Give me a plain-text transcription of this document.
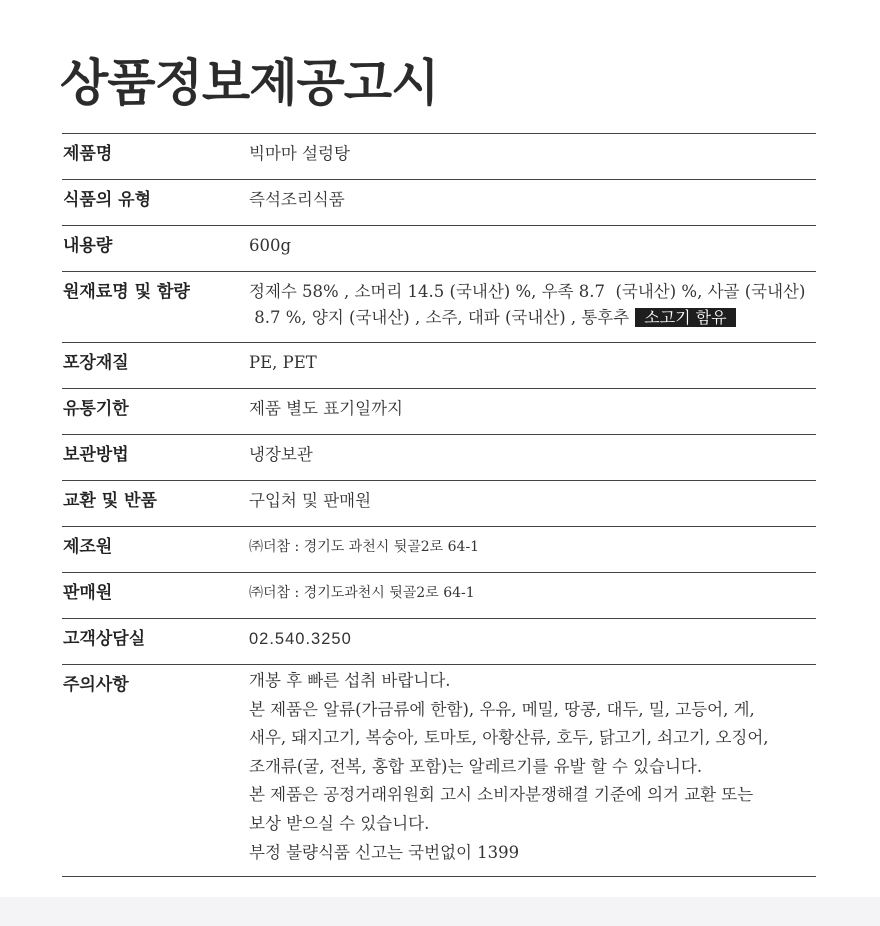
상품정보제공고시
제품명	빅마마 설렁탕
식품의 유형	즉석조리식품
내용량	600g
원재료명 및 함량	정제수 58% , 소머리 14.5 (국내산) %, 우족 8.7  (국내산) %, 사골 (국내산)
8.7 %, 양지 (국내산) , 소주, 대파 (국내산) , 통후추 소고기 함유
포장재질	PE, PET
유통기한	제품 별도 표기일까지
보관방법	냉장보관
교환 및 반품	구입처 및 판매원
제조원	㈜더참 : 경기도 과천시 뒷골2로 64-1
판매원	㈜더참 : 경기도과천시 뒷골2로 64-1
고객상담실	02.540.3250
주의사항	개봉 후 빠른 섭취 바랍니다.
본 제품은 알류(가금류에 한함), 우유, 메밀, 땅콩, 대두, 밀, 고등어, 게,
새우, 돼지고기, 복숭아, 토마토, 아황산류, 호두, 닭고기, 쇠고기, 오징어,
조개류(굴, 전복, 홍합 포함)는 알레르기를 유발 할 수 있습니다.
본 제품은 공정거래위원회 고시 소비자분쟁해결 기준에 의거 교환 또는
보상 받으실 수 있습니다.
부정 불량식품 신고는 국번없이 1399
